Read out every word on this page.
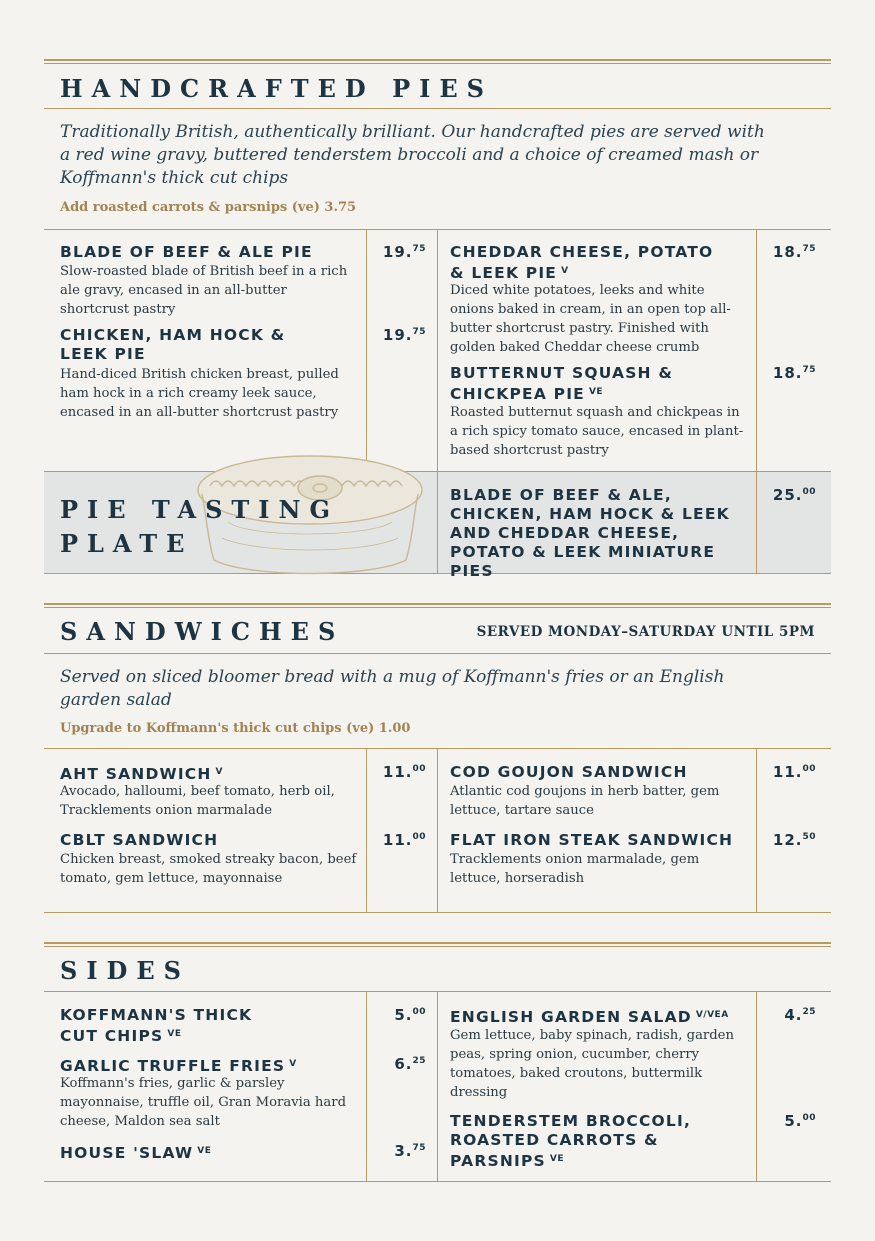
HANDCRAFTED PIES
Traditionally British, authentically brilliant. Our handcrafted pies are served with a red wine gravy, buttered tenderstem broccoli and a choice of creamed mash or Koffmann's thick cut chips
Add roasted carrots & parsnips (ve) 3.75
BLADE OF BEEF & ALE PIE
Slow-roasted blade of British beef in a rich ale gravy, encased in an all-butter shortcrust pastry
19.75
CHICKEN, HAM HOCK & LEEK PIE
Hand-diced British chicken breast, pulled ham hock in a rich creamy leek sauce, encased in an all-butter shortcrust pastry
19.75
CHEDDAR CHEESE, POTATO & LEEK PIE $^V$
Diced white potatoes, leeks and white onions baked in cream, in an open top all-butter shortcrust pastry. Finished with golden baked Cheddar cheese crumb
18.75
BUTTERNUT SQUASH & CHICKPEA PIE $^{VE}$
Roasted butternut squash and chickpeas in a rich spicy tomato sauce, encased in plant-based shortcrust pastry
18.75
PIE TASTING PLATE
BLADE OF BEEF & ALE, CHICKEN, HAM HOCK & LEEK AND CHEDDAR CHEESE, POTATO & LEEK MINIATURE PIES
25.00
SANDWICHES	SERVED MONDAY–SATURDAY UNTIL 5PM
Served on sliced bloomer bread with a mug of Koffmann's fries or an English garden salad
Upgrade to Koffmann's thick cut chips (ve) 1.00
AHT SANDWICH $^V$
Avocado, halloumi, beef tomato, herb oil, Tracklements onion marmalade
11.00
CBLT SANDWICH
Chicken breast, smoked streaky bacon, beef tomato, gem lettuce, mayonnaise
11.00
COD GOUJON SANDWICH
Atlantic cod goujons in herb batter, gem lettuce, tartare sauce
11.00
FLAT IRON STEAK SANDWICH
Tracklements onion marmalade, gem lettuce, horseradish
12.50
SIDES
KOFFMANN'S THICK CUT CHIPS $^{VE}$
5.00
GARLIC TRUFFLE FRIES $^V$
Koffmann's fries, garlic & parsley mayonnaise, truffle oil, Gran Moravia hard cheese, Maldon sea salt
6.25
HOUSE 'SLAW $^{VE}$	3.75
ENGLISH GARDEN SALAD $^{V/VEA}$
Gem lettuce, baby spinach, radish, garden peas, spring onion, cucumber, cherry tomatoes, baked croutons, buttermilk dressing
4.25
TENDERSTEM BROCCOLI, ROASTED CARROTS & PARSNIPS $^{VE}$
5.00
